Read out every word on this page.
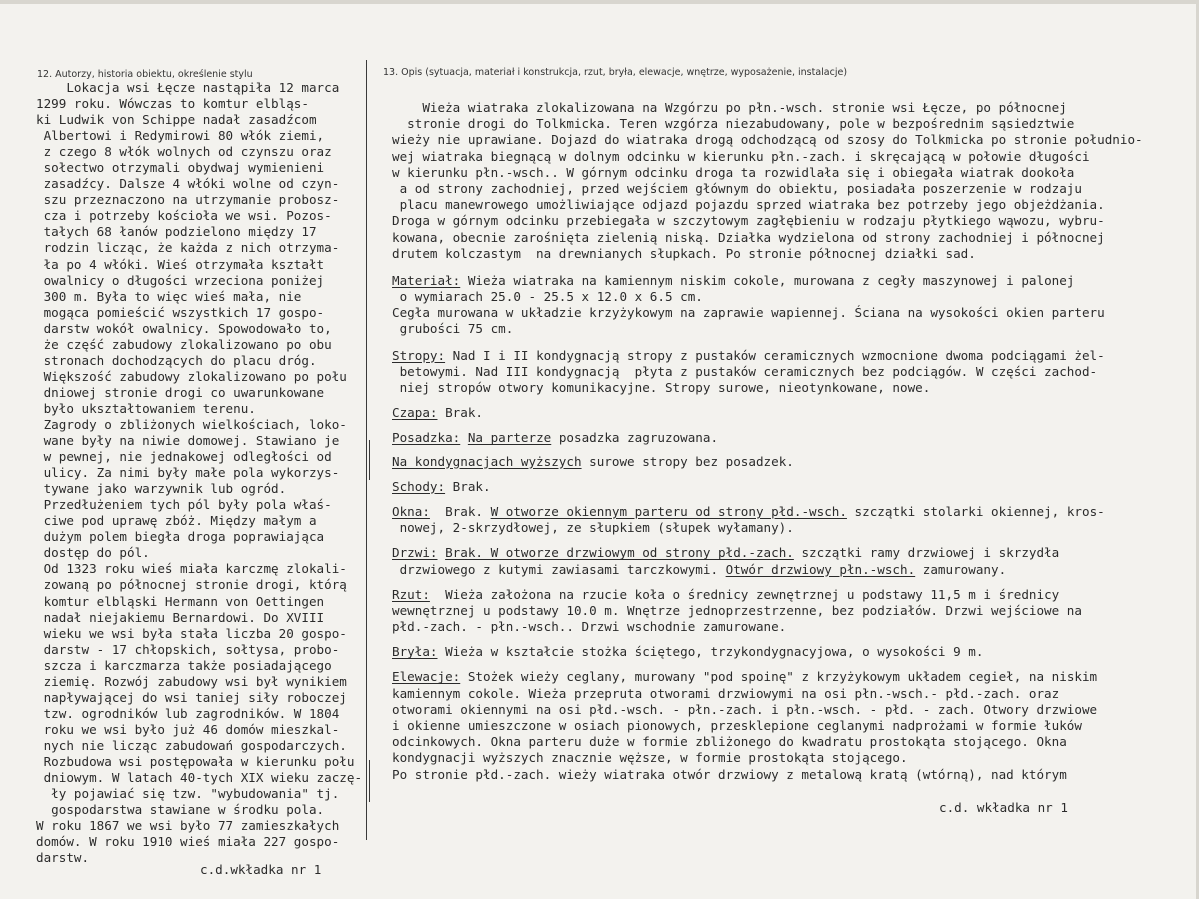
12. Autorzy, historia obiektu, określenie stylu	13. Opis (sytuacja, materiał i konstrukcja, rzut, bryła, elewacje, wnętrze, wyposażenie, instalacje)
Lokacja wsi Łęcze nastąpiła 12 marca
1299 roku. Wówczas to komtur elbląs-
ki Ludwik von Schippe nadał zasadźcom
Albertowi i Redymirowi 80 włók ziemi,
z czego 8 włók wolnych od czynszu oraz
sołectwo otrzymali obydwaj wymienieni
zasadźcy. Dalsze 4 włóki wolne od czyn-
szu przeznaczono na utrzymanie probosz-
cza i potrzeby kościoła we wsi. Pozos-
tałych 68 łanów podzielono między 17
rodzin licząc, że każda z nich otrzyma-
ła po 4 włóki. Wieś otrzymała kształt
owalnicy o długości wrzeciona poniżej
300 m. Była to więc wieś mała, nie
mogąca pomieścić wszystkich 17 gospo-
darstw wokół owalnicy. Spowodowało to,
że część zabudowy zlokalizowano po obu
stronach dochodzących do placu dróg.
Większość zabudowy zlokalizowano po połu
dniowej stronie drogi co uwarunkowane
było ukształtowaniem terenu.
Zagrody o zbliżonych wielkościach, loko-
wane były na niwie domowej. Stawiano je
w pewnej, nie jednakowej odległości od
ulicy. Za nimi były małe pola wykorzys-
tywane jako warzywnik lub ogród.
Przedłużeniem tych pól były pola właś-
ciwe pod uprawę zbóż. Między małym a
dużym polem biegła droga poprawiająca
dostęp do pól.
Od 1323 roku wieś miała karczmę zlokali-
zowaną po północnej stronie drogi, którą
komtur elbląski Hermann von Oettingen
nadał niejakiemu Bernardowi. Do XVIII
wieku we wsi była stała liczba 20 gospo-
darstw - 17 chłopskich, sołtysa, probo-
szcza i karczmarza także posiadającego
ziemię. Rozwój zabudowy wsi był wynikiem
napływającej do wsi taniej siły roboczej
tzw. ogrodników lub zagrodników. W 1804
roku we wsi było już 46 domów mieszkal-
nych nie licząc zabudowań gospodarczych.
Rozbudowa wsi postępowała w kierunku połu
dniowym. W latach 40-tych XIX wieku zaczę-
ły pojawiać się tzw. "wybudowania" tj.
gospodarstwa stawiane w środku pola.
W roku 1867 we wsi było 77 zamieszkałych
domów. W roku 1910 wieś miała 227 gospo-
darstw.
c.d.wkładka nr 1
Wieża wiatraka zlokalizowana na Wzgórzu po płn.-wsch. stronie wsi Łęcze, po północnej
stronie drogi do Tolkmicka. Teren wzgórza niezabudowany, pole w bezpośrednim sąsiedztwie
wieży nie uprawiane. Dojazd do wiatraka drogą odchodzącą od szosy do Tolkmicka po stronie południo-
wej wiatraka biegnącą w dolnym odcinku w kierunku płn.-zach. i skręcającą w połowie długości
w kierunku płn.-wsch.. W górnym odcinku droga ta rozwidlała się i obiegała wiatrak dookoła
a od strony zachodniej, przed wejściem głównym do obiektu, posiadała poszerzenie w rodzaju
placu manewrowego umożliwiające odjazd pojazdu sprzed wiatraka bez potrzeby jego objeżdżania.
Droga w górnym odcinku przebiegała w szczytowym zagłębieniu w rodzaju płytkiego wąwozu, wybru-
kowana, obecnie zarośnięta zielenią niską. Działka wydzielona od strony zachodniej i północnej
drutem kolczastym  na drewnianych słupkach. Po stronie północnej działki sad.
Materiał: Wieża wiatraka na kamiennym niskim cokole, murowana z cegły maszynowej i palonej
o wymiarach 25.0 - 25.5 x 12.0 x 6.5 cm.
Cegła murowana w układzie krzyżykowym na zaprawie wapiennej. Ściana na wysokości okien parteru
grubości 75 cm.
Stropy: Nad I i II kondygnacją stropy z pustaków ceramicznych wzmocnione dwoma podciągami żel-
betowymi. Nad III kondygnacją  płyta z pustaków ceramicznych bez podciągów. W części zachod-
niej stropów otwory komunikacyjne. Stropy surowe, nieotynkowane, nowe.
Czapa: Brak.
Posadzka: Na parterze posadzka zagruzowana.
Na kondygnacjach wyższych surowe stropy bez posadzek.
Schody: Brak.
Okna:  Brak. W otworze okiennym parteru od strony płd.-wsch. szczątki stolarki okiennej, kros-
nowej, 2-skrzydłowej, ze słupkiem (słupek wyłamany).
Drzwi: Brak. W otworze drzwiowym od strony płd.-zach. szczątki ramy drzwiowej i skrzydła
drzwiowego z kutymi zawiasami tarczkowymi. Otwór drzwiowy płn.-wsch. zamurowany.
Rzut:  Wieża założona na rzucie koła o średnicy zewnętrznej u podstawy 11,5 m i średnicy
wewnętrznej u podstawy 10.0 m. Wnętrze jednoprzestrzenne, bez podziałów. Drzwi wejściowe na
płd.-zach. - płn.-wsch.. Drzwi wschodnie zamurowane.
Bryła: Wieża w kształcie stożka ściętego, trzykondygnacyjowa, o wysokości 9 m.
Elewacje: Stożek wieży ceglany, murowany "pod spoinę" z krzyżykowym układem cegieł, na niskim
kamiennym cokole. Wieża przepruta otworami drzwiowymi na osi płn.-wsch.- płd.-zach. oraz
otworami okiennymi na osi płd.-wsch. - płn.-zach. i płn.-wsch. - płd. - zach. Otwory drzwiowe
i okienne umieszczone w osiach pionowych, przesklepione ceglanymi nadprożami w formie łuków
odcinkowych. Okna parteru duże w formie zbliżonego do kwadratu prostokąta stojącego. Okna
kondygnacji wyższych znacznie węższe, w formie prostokąta stojącego.
Po stronie płd.-zach. wieży wiatraka otwór drzwiowy z metalową kratą (wtórną), nad którym
c.d. wkładka nr 1
